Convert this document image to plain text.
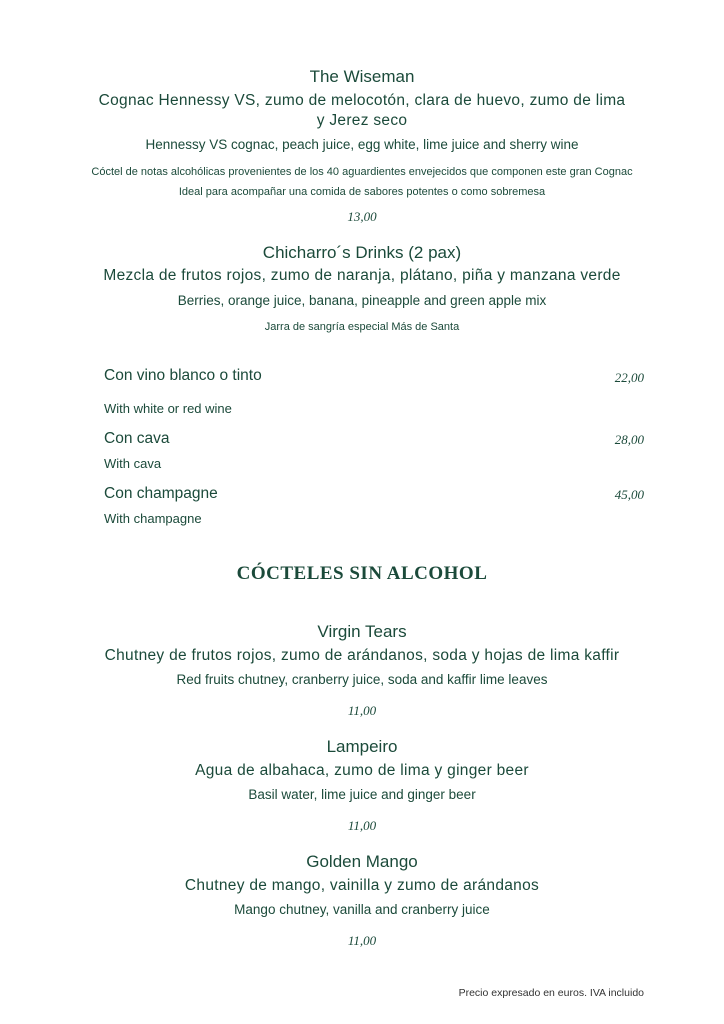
The Wiseman
Cognac Hennessy VS, zumo de melocotón, clara de huevo, zumo de lima
y Jerez seco
Hennessy VS cognac, peach juice, egg white, lime juice and sherry wine
Cóctel de notas alcohólicas provenientes de los 40 aguardientes envejecidos que componen este gran Cognac
Ideal para acompañar una comida de sabores potentes o como sobremesa
13,00
Chicharro´s Drinks (2 pax)
Mezcla de frutos rojos, zumo de naranja, plátano, piña y manzana verde
Berries, orange juice, banana, pineapple and green apple mix
Jarra de sangría especial Más de Santa
Con vino blanco o tinto	22,00
With white or red wine
Con cava	28,00
With cava
Con champagne	45,00
With champagne
CÓCTELES SIN ALCOHOL
Virgin Tears
Chutney de frutos rojos, zumo de arándanos, soda y hojas de lima kaffir
Red fruits chutney, cranberry juice, soda and kaffir lime leaves
11,00
Lampeiro
Agua de albahaca, zumo de lima y ginger beer
Basil water, lime juice and ginger beer
11,00
Golden Mango
Chutney de mango, vainilla y zumo de arándanos
Mango chutney, vanilla and cranberry juice
11,00
Precio expresado en euros. IVA incluido
